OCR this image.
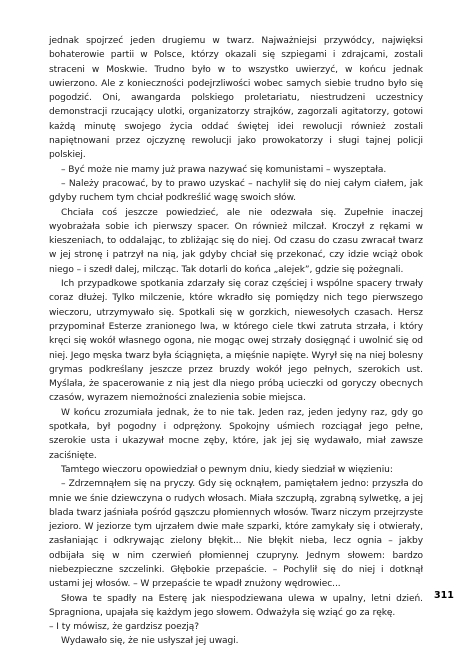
jednak spojrzeć jeden drugiemu w twarz. Najważniejsi przywódcy, najwięksi bohaterowie partii w Polsce, którzy okazali się szpiegami i zdrajcami, zostali straceni w Moskwie. Trudno było w to wszystko uwierzyć, w końcu jednak uwierzono. Ale z konieczności podejrzliwości wobec samych siebie trudno było się pogodzić. Oni, awangarda polskiego proletariatu, niestrudzeni uczestnicy demonstracji rzucający ulotki, organizatorzy strajków, zagorzali agitatorzy, gotowi każdą minutę swojego życia oddać świętej idei rewolucji również zostali napiętnowani przez ojczyznę rewolucji jako prowokatorzy i sługi tajnej policji polskiej.

– Być może nie mamy już prawa nazywać się komunistami – wyszeptała.

– Należy pracować, by to prawo uzyskać – nachylił się do niej całym ciałem, jak gdyby ruchem tym chciał podkreślić wagę swoich słów.

Chciała coś jeszcze powiedzieć, ale nie odezwała się. Zupełnie inaczej wyobrażała sobie ich pierwszy spacer. On również milczał. Kroczył z rękami w kieszeniach, to oddalając, to zbliżając się do niej. Od czasu do czasu zwracał twarz w jej stronę i patrzył na nią, jak gdyby chciał się przekonać, czy idzie wciąż obok niego – i szedł dalej, milcząc. Tak dotarli do końca „alejek”, gdzie się pożegnali.

Ich przypadkowe spotkania zdarzały się coraz częściej i wspólne spacery trwały coraz dłużej. Tylko milczenie, które wkradło się pomiędzy nich tego pierwszego wieczoru, utrzymywało się. Spotkali się w gorzkich, niewesołych czasach. Hersz przypominał Esterze zranionego lwa, w którego ciele tkwi zatruta strzała, i który kręci się wokół własnego ogona, nie mogąc owej strzały dosięgnąć i uwolnić się od niej. Jego męska twarz była ściągnięta, a mięśnie napięte. Wyrył się na niej bolesny grymas podkreślany jeszcze przez bruzdy wokół jego pełnych, szerokich ust. Myślała, że spacerowanie z nią jest dla niego próbą ucieczki od goryczy obecnych czasów, wyrazem niemożności znalezienia sobie miejsca.

W końcu zrozumiała jednak, że to nie tak. Jeden raz, jeden jedyny raz, gdy go spotkała, był pogodny i odprężony. Spokojny uśmiech rozciągał jego pełne, szerokie usta i ukazywał mocne zęby, które, jak jej się wydawało, miał zawsze zaciśnięte.

Tamtego wieczoru opowiedział o pewnym dniu, kiedy siedział w więzieniu:

– Zdrzemnąłem się na pryczy. Gdy się ocknąłem, pamiętałem jedno: przyszła do mnie we śnie dziewczyna o rudych włosach. Miała szczupłą, zgrabną sylwetkę, a jej blada twarz jaśniała pośród gąszczu płomiennych włosów. Twarz niczym przejrzyste jezioro. W jeziorze tym ujrzałem dwie małe szparki, które zamykały się i otwierały, zasłaniając i odkrywając zielony błękit... Nie błękit nieba, lecz ognia – jakby odbijała się w nim czerwień płomiennej czupryny. Jednym słowem: bardzo niebezpieczne szczelinki. Głębokie przepaście. – Pochylił się do niej i dotknął ustami jej włosów. – W przepaście te wpadł znużony wędrowiec...

Słowa te spadły na Esterę jak niespodziewana ulewa w upalny, letni dzień. Spragniona, upajała się każdym jego słowem. Odważyła się wziąć go za rękę.

– I ty mówisz, że gardzisz poezją?

Wydawało się, że nie usłyszał jej uwagi.

311
